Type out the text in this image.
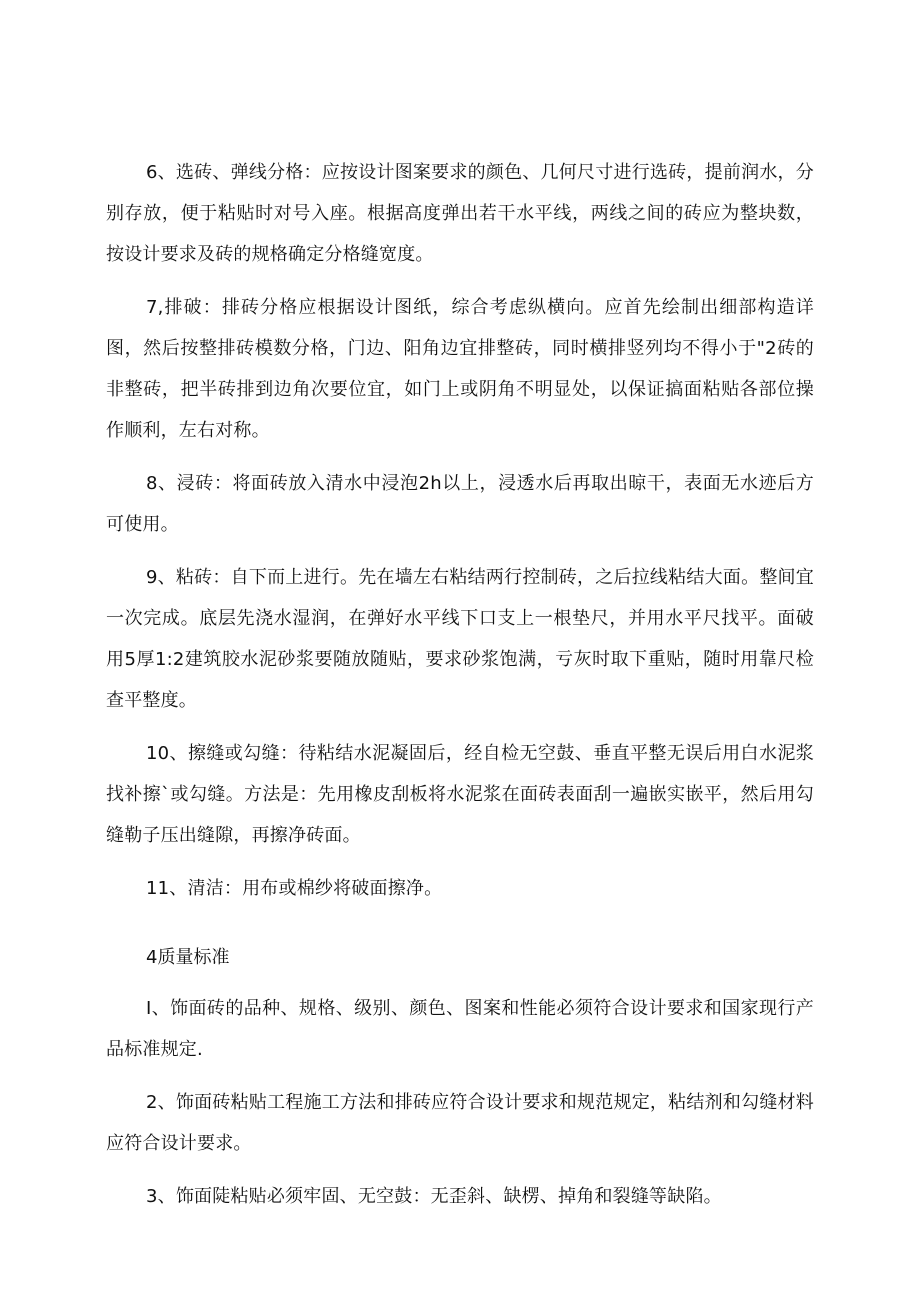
6、选砖、弹线分格：应按设计图案要求的颜色、几何尺寸进行选砖，提前润水，分别存放，便于粘贴时对号入座。根据高度弹出若干水平线，两线之间的砖应为整块数，按设计要求及砖的规格确定分格缝宽度。

7,排破：排砖分格应根据设计图纸，综合考虑纵横向。应首先绘制出细部构造详图，然后按整排砖模数分格，门边、阳角边宜排整砖，同时横排竖列均不得小于"2砖的非整砖，把半砖排到边角次要位宜，如门上或阴角不明显处，以保证搞面粘贴各部位操作顺利，左右对称。

8、浸砖：将面砖放入清水中浸泡2h以上，浸透水后再取出晾干，表面无水迹后方可使用。

9、粘砖：自下而上进行。先在墙左右粘结两行控制砖，之后拉线粘结大面。整间宜一次完成。底层先浇水湿润，在弹好水平线下口支上一根垫尺，并用水平尺找平。面破用5厚1:2建筑胶水泥砂浆要随放随贴，要求砂浆饱满，亏灰时取下重贴，随时用靠尺检查平整度。

10、擦缝或勾缝：待粘结水泥凝固后，经自检无空鼓、垂直平整无误后用白水泥浆找补擦`或勾缝。方法是：先用橡皮刮板将水泥浆在面砖表面刮一遍嵌实嵌平，然后用勾缝勒子压出缝隙，再擦净砖面。

11、清洁：用布或棉纱将破面擦净。

4质量标准

I、饰面砖的品种、规格、级别、颜色、图案和性能必须符合设计要求和国家现行产品标准规定.

2、饰面砖粘贴工程施工方法和排砖应符合设计要求和规范规定，粘结剂和勾缝材料应符合设计要求。

3、饰面陡粘贴必须牢固、无空鼓：无歪斜、缺楞、掉角和裂缝等缺陷。
